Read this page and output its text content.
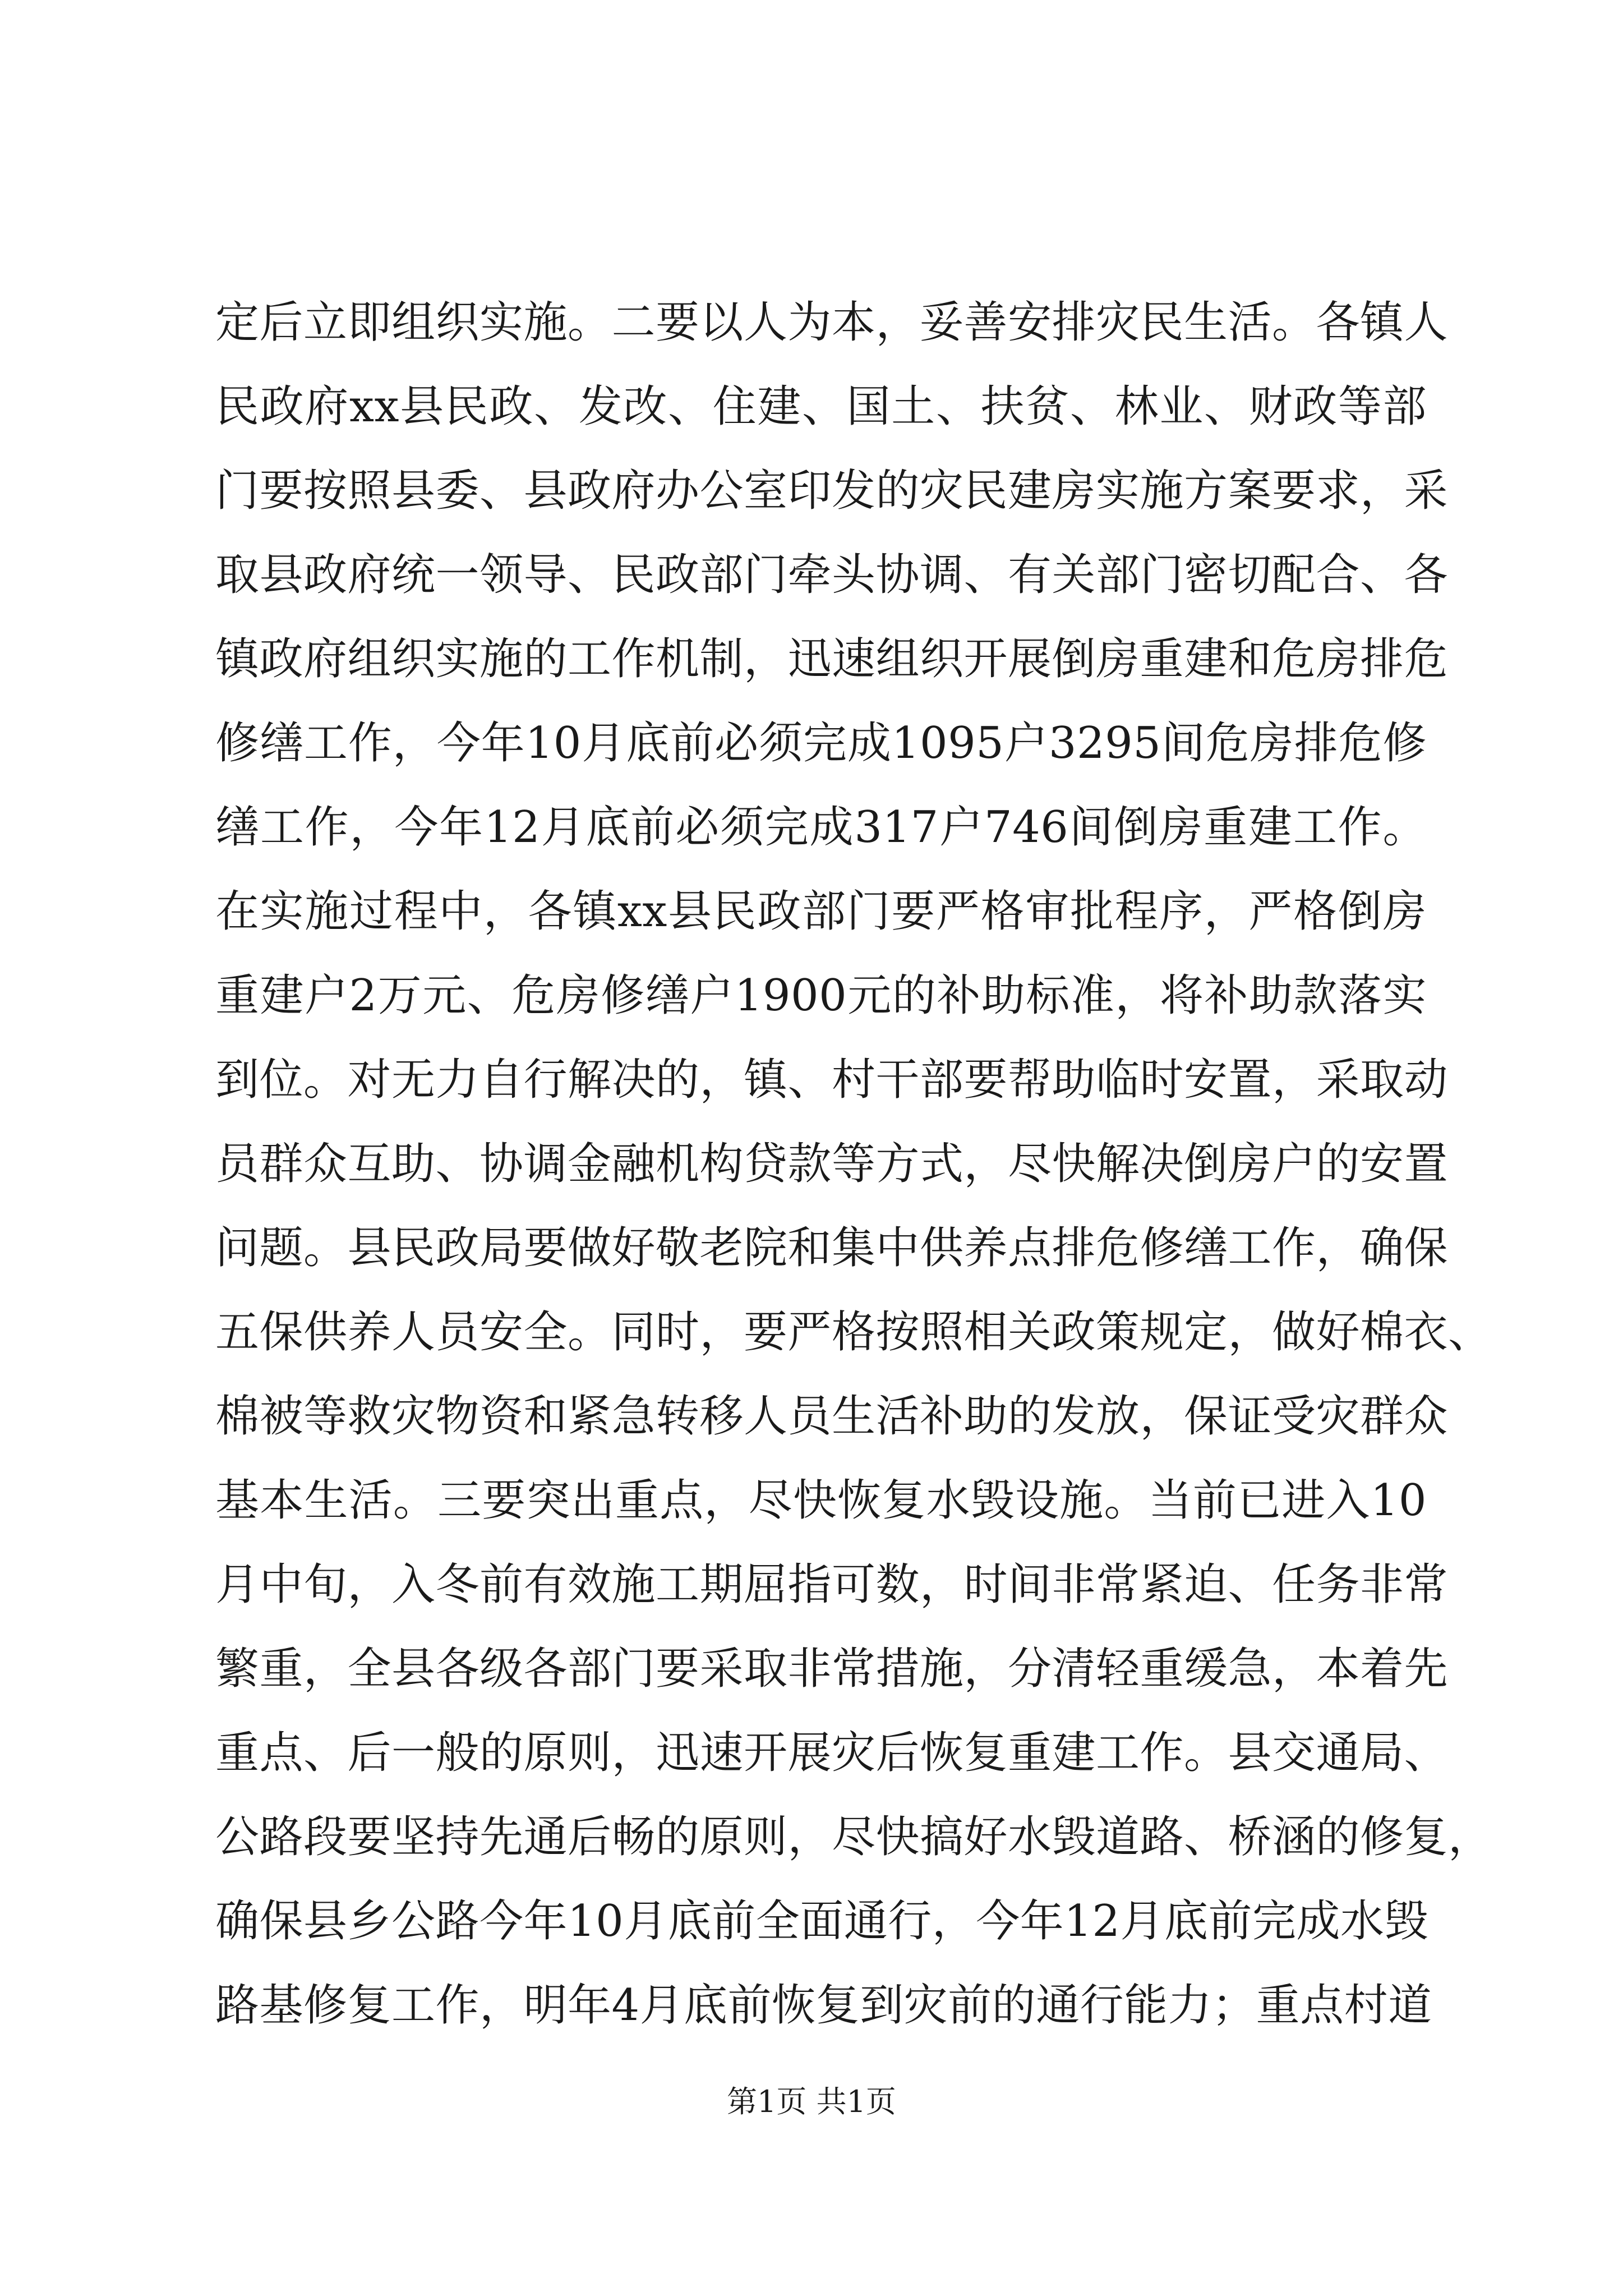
定后立即组织实施。二要以人为本，妥善安排灾民生活。各镇人
民政府xx县民政、发改、住建、国土、扶贫、林业、财政等部
门要按照县委、县政府办公室印发的灾民建房实施方案要求，采
取县政府统一领导、民政部门牵头协调、有关部门密切配合、各
镇政府组织实施的工作机制，迅速组织开展倒房重建和危房排危
修缮工作，今年10月底前必须完成1095户3295间危房排危修
缮工作，今年12月底前必须完成317户746间倒房重建工作。
在实施过程中，各镇xx县民政部门要严格审批程序，严格倒房
重建户2万元、危房修缮户1900元的补助标准，将补助款落实
到位。对无力自行解决的，镇、村干部要帮助临时安置，采取动
员群众互助、协调金融机构贷款等方式，尽快解决倒房户的安置
问题。县民政局要做好敬老院和集中供养点排危修缮工作，确保
五保供养人员安全。同时，要严格按照相关政策规定，做好棉衣、
棉被等救灾物资和紧急转移人员生活补助的发放，保证受灾群众
基本生活。三要突出重点，尽快恢复水毁设施。当前已进入10
月中旬，入冬前有效施工期屈指可数，时间非常紧迫、任务非常
繁重，全县各级各部门要采取非常措施，分清轻重缓急，本着先
重点、后一般的原则，迅速开展灾后恢复重建工作。县交通局、
公路段要坚持先通后畅的原则，尽快搞好水毁道路、桥涵的修复，
确保县乡公路今年10月底前全面通行，今年12月底前完成水毁
路基修复工作，明年4月底前恢复到灾前的通行能力；重点村道
第1页 共1页
